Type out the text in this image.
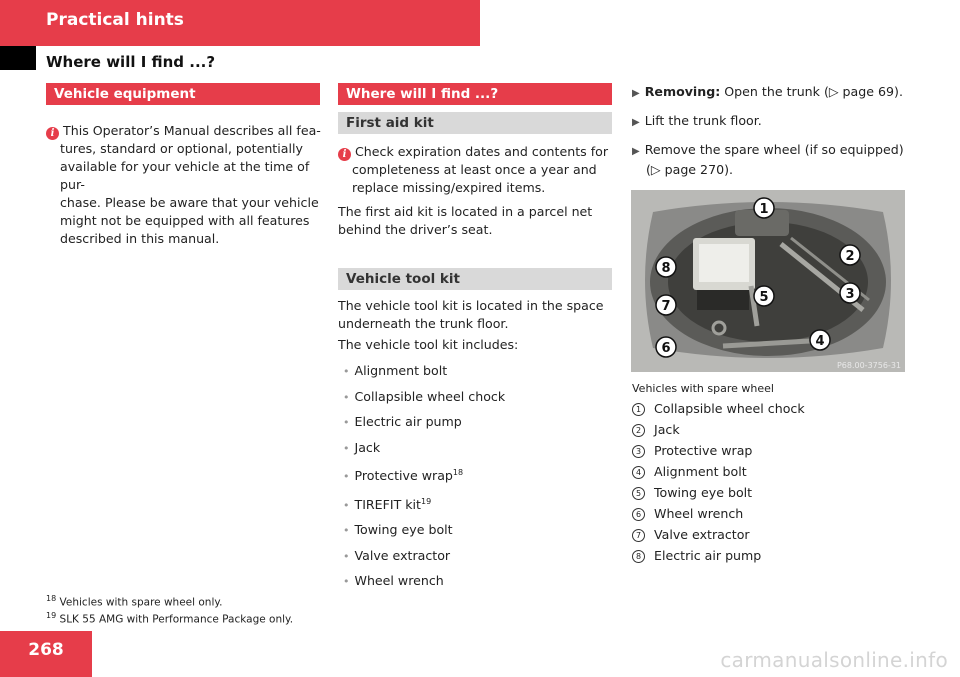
Practical hints
Where will I find ...?
Vehicle equipment
i This Operator’s Manual describes all fea-
tures, standard or optional, potentially
available for your vehicle at the time of pur-
chase. Please be aware that your vehicle
might not be equipped with all features
described in this manual.
Where will I find ...?
First aid kit
i Check expiration dates and contents for
completeness at least once a year and
replace missing/expired items.
The first aid kit is located in a parcel net
behind the driver’s seat.
Vehicle tool kit
The vehicle tool kit is located in the space
underneath the trunk floor.
The vehicle tool kit includes:
• Alignment bolt
• Collapsible wheel chock
• Electric air pump
• Jack
• Protective wrap$^{18}$
• TIREFIT kit$^{19}$
• Towing eye bolt
• Valve extractor
• Wheel wrench
▶ Removing: Open the trunk (▷ page 69).
▶ Lift the trunk floor.
▶ Remove the spare wheel (if so equipped)
(▷ page 270).
1
2
3
4
5
6
7
8
P68.00-3756-31
Vehicles with spare wheel
1 Collapsible wheel chock
2 Jack
3 Protective wrap
4 Alignment bolt
5 Towing eye bolt
6 Wheel wrench
7 Valve extractor
8 Electric air pump
$^{18}$ Vehicles with spare wheel only.
$^{19}$ SLK 55 AMG with Performance Package only.
268	carmanualsonline.info
